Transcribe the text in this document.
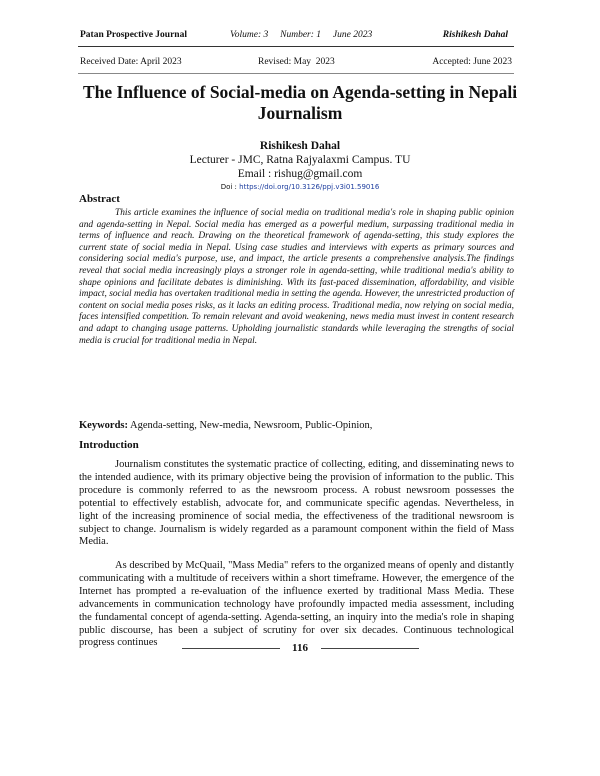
Patan Prospective Journal	Volume: 3     Number: 1     June 2023	Rishikesh Dahal
Received Date: April 2023	Revised: May  2023	Accepted: June 2023
The Influence of Social-media on Agenda-setting in Nepali Journalism
Rishikesh Dahal
Lecturer - JMC, Ratna Rajyalaxmi Campus. TU
Email : rishug@gmail.com
Doi : https://doi.org/10.3126/ppj.v3i01.59016
Abstract

This article examines the influence of social media on traditional media's role in shaping public opinion and agenda-setting in Nepal. Social media has emerged as a powerful medium, surpassing traditional media in terms of influence and reach. Drawing on the theoretical framework of agenda-setting, this study explores the current state of social media in Nepal. Using case studies and interviews with experts as primary sources and considering social media's purpose, use, and impact, the article presents a comprehensive analysis.The findings reveal that social media increasingly plays a stronger role in agenda-setting, while traditional media's ability to shape opinions and facilitate debates is diminishing. With its fast-paced dissemination, affordability, and visible impact, social media has overtaken traditional media in setting the agenda. However, the unrestricted production of content on social media poses risks, as it lacks an editing process. Traditional media, now relying on social media, faces intensified competition. To remain relevant and avoid weakening, news media must invest in content research and adapt to changing usage patterns. Upholding journalistic standards while leveraging the strengths of social media is crucial for traditional media in Nepal.

Keywords: Agenda-setting, New-media, Newsroom, Public-Opinion,
Introduction

Journalism constitutes the systematic practice of collecting, editing, and disseminating news to the intended audience, with its primary objective being the provision of information to the public. This procedure is commonly referred to as the newsroom process. A robust newsroom possesses the potential to effectively establish, advocate for, and communicate specific agendas. Nevertheless, in light of the increasing prominence of social media, the effectiveness of the traditional newsroom is subject to change. Journalism is widely regarded as a paramount component within the field of Mass Media.

As described by McQuail, "Mass Media" refers to the organized means of openly and distantly communicating with a multitude of receivers within a short timeframe. However, the emergence of the Internet has prompted a re-evaluation of the influence exerted by traditional Mass Media. These advancements in communication technology have profoundly impacted media assessment, including the fundamental concept of agenda-setting. Agenda-setting, an inquiry into the media's role in shaping public discourse, has been a subject of scrutiny for over six decades. Continuous technological progress continues	116
